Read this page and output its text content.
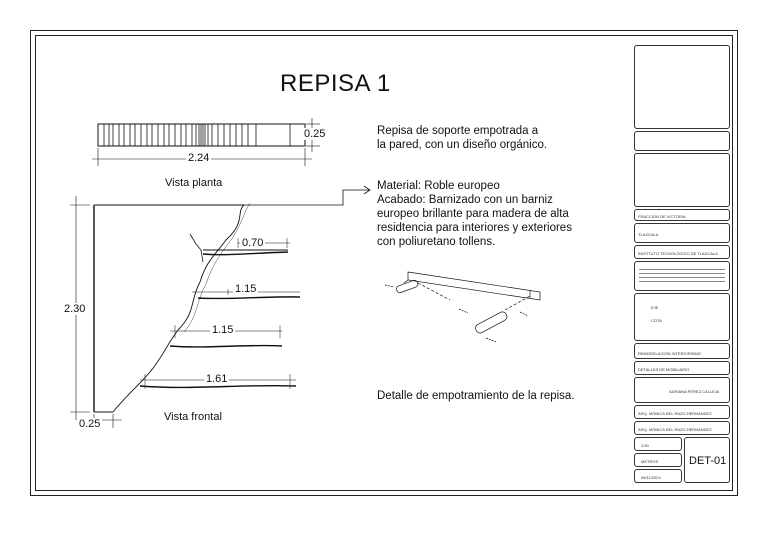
REPISA 1
Repisa de soporte empotrada a
la pared, con un diseño orgánico.
Material: Roble europeo
Acabado: Barnizado con un barniz
europeo brillante para madera de alta
residtencia para interiores y exteriores
con poliuretano tollens.
Detalle de empotramiento de la repisa.
Vista planta
Vista frontal
2.24
0.25
2.30
0.25
0.70
1.15
1.15
1.61
FRACCIÓN DE VICTORIA
TLAXCALA
INSTITUTO TECNOLÓGICO DE TLAXCALA
EJE
COTA
REMODELACIÓN INTERIORISMO
DETALLES DE MOBILIARIO
ADRIANA PÉREZ CALLEJA
ARQ. MÓNICA DEL RAZO HERNANDEZ
ARQ. MÓNICA DEL RAZO HERNANDEZ
1:50
METROS
06/11/2024
DET-01
